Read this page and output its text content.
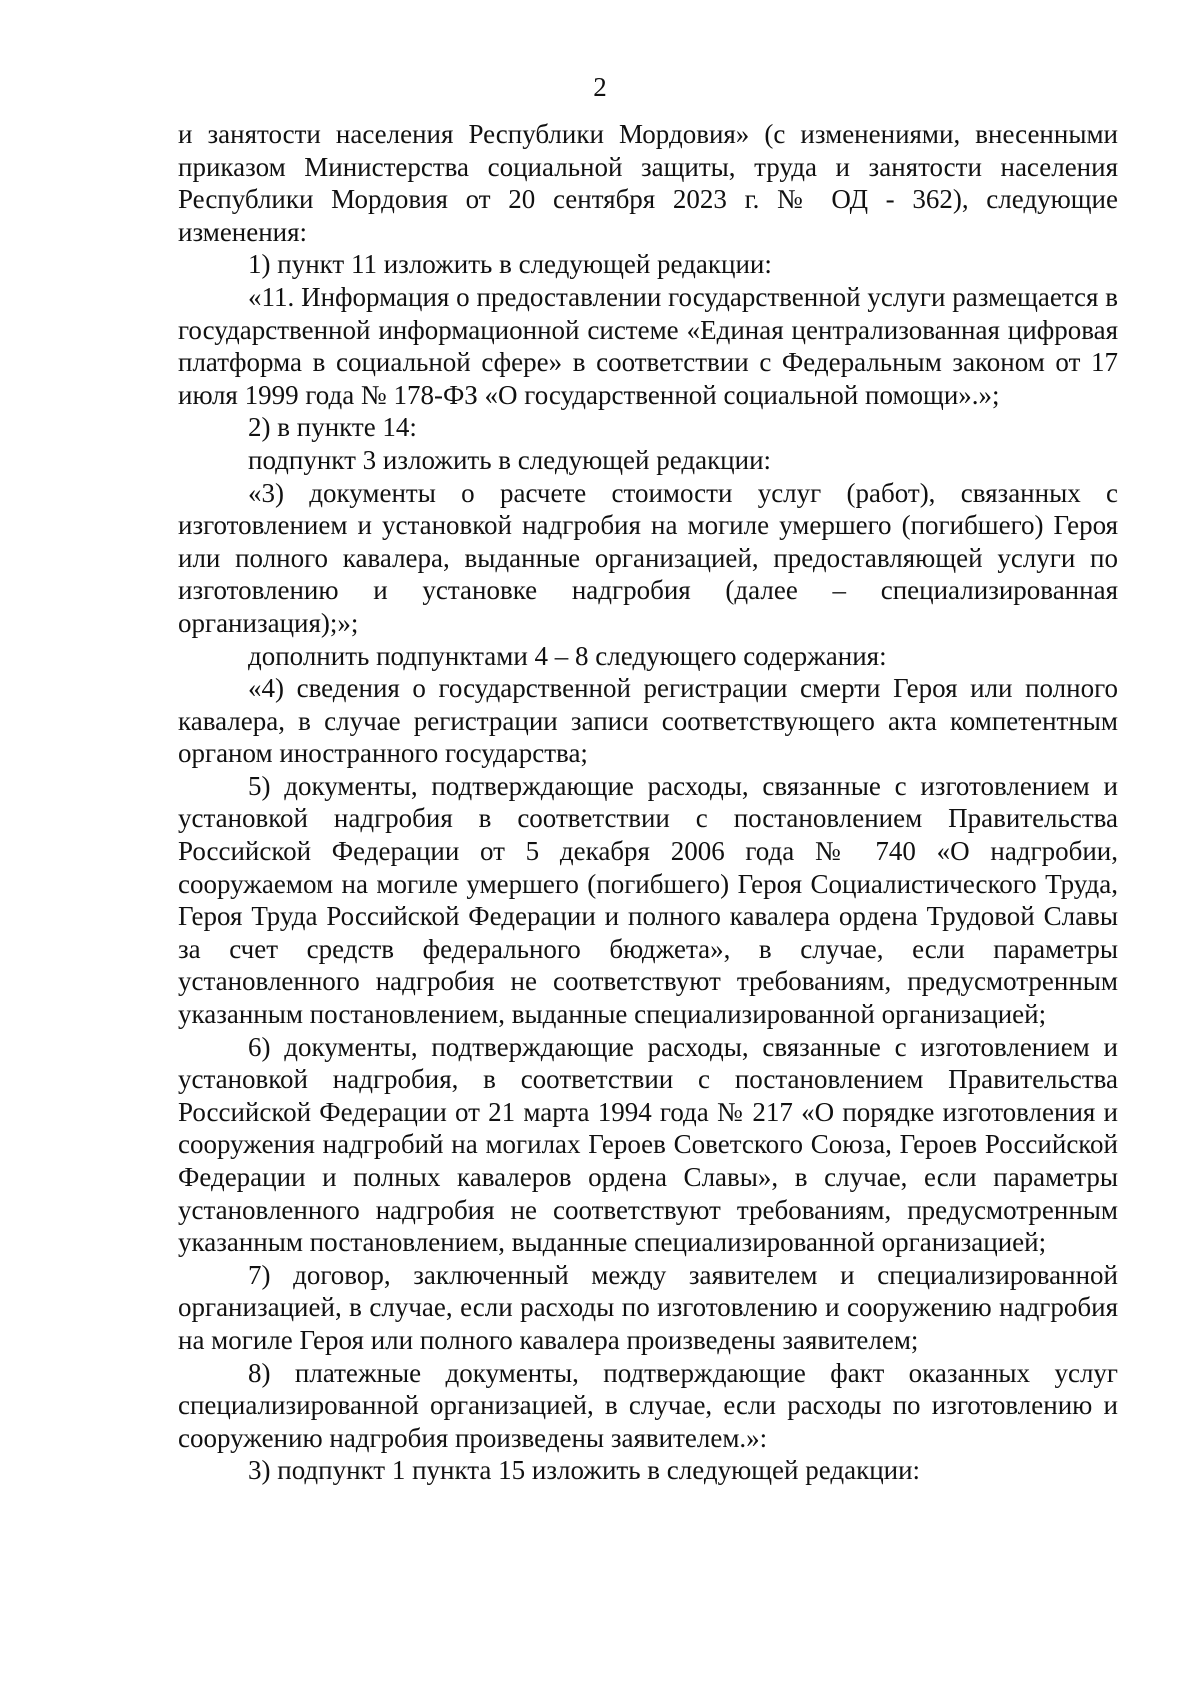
2

и занятости населения Республики Мордовия» (с изменениями, внесенными приказом Министерства социальной защиты, труда и занятости населения Республики Мордовия от 20 сентября 2023 г. № ОД - 362), следующие изменения:

1) пункт 11 изложить в следующей редакции:

«11. Информация о предоставлении государственной услуги размещается в государственной информационной системе «Единая централизованная цифровая платформа в социальной сфере» в соответствии с Федеральным законом от 17 июля 1999 года № 178-ФЗ «О государственной социальной помощи».»;

2) в пункте 14:

подпункт 3 изложить в следующей редакции:

«3) документы о расчете стоимости услуг (работ), связанных с изготовлением и установкой надгробия на могиле умершего (погибшего) Героя или полного кавалера, выданные организацией, предоставляющей услуги по изготовлению и установке надгробия (далее – специализированная организация);»;

дополнить подпунктами 4 – 8 следующего содержания:

«4) сведения о государственной регистрации смерти Героя или полного кавалера, в случае регистрации записи соответствующего акта компетентным органом иностранного государства;

5) документы, подтверждающие расходы, связанные с изготовлением и установкой надгробия в соответствии с постановлением Правительства Российской Федерации от 5 декабря 2006 года № 740 «О надгробии, сооружаемом на могиле умершего (погибшего) Героя Социалистического Труда, Героя Труда Российской Федерации и полного кавалера ордена Трудовой Славы за счет средств федерального бюджета», в случае, если параметры установленного надгробия не соответствуют требованиям, предусмотренным указанным постановлением, выданные специализированной организацией;

6) документы, подтверждающие расходы, связанные с изготовлением и установкой надгробия, в соответствии с постановлением Правительства Российской Федерации от 21 марта 1994 года № 217 «О порядке изготовления и сооружения надгробий на могилах Героев Советского Союза, Героев Российской Федерации и полных кавалеров ордена Славы», в случае, если параметры установленного надгробия не соответствуют требованиям, предусмотренным указанным постановлением, выданные специализированной организацией;

7) договор, заключенный между заявителем и специализированной организацией, в случае, если расходы по изготовлению и сооружению надгробия на могиле Героя или полного кавалера произведены заявителем;

8) платежные документы, подтверждающие факт оказанных услуг специализированной организацией, в случае, если расходы по изготовлению и сооружению надгробия произведены заявителем.»:

3) подпункт 1 пункта 15 изложить в следующей редакции:
